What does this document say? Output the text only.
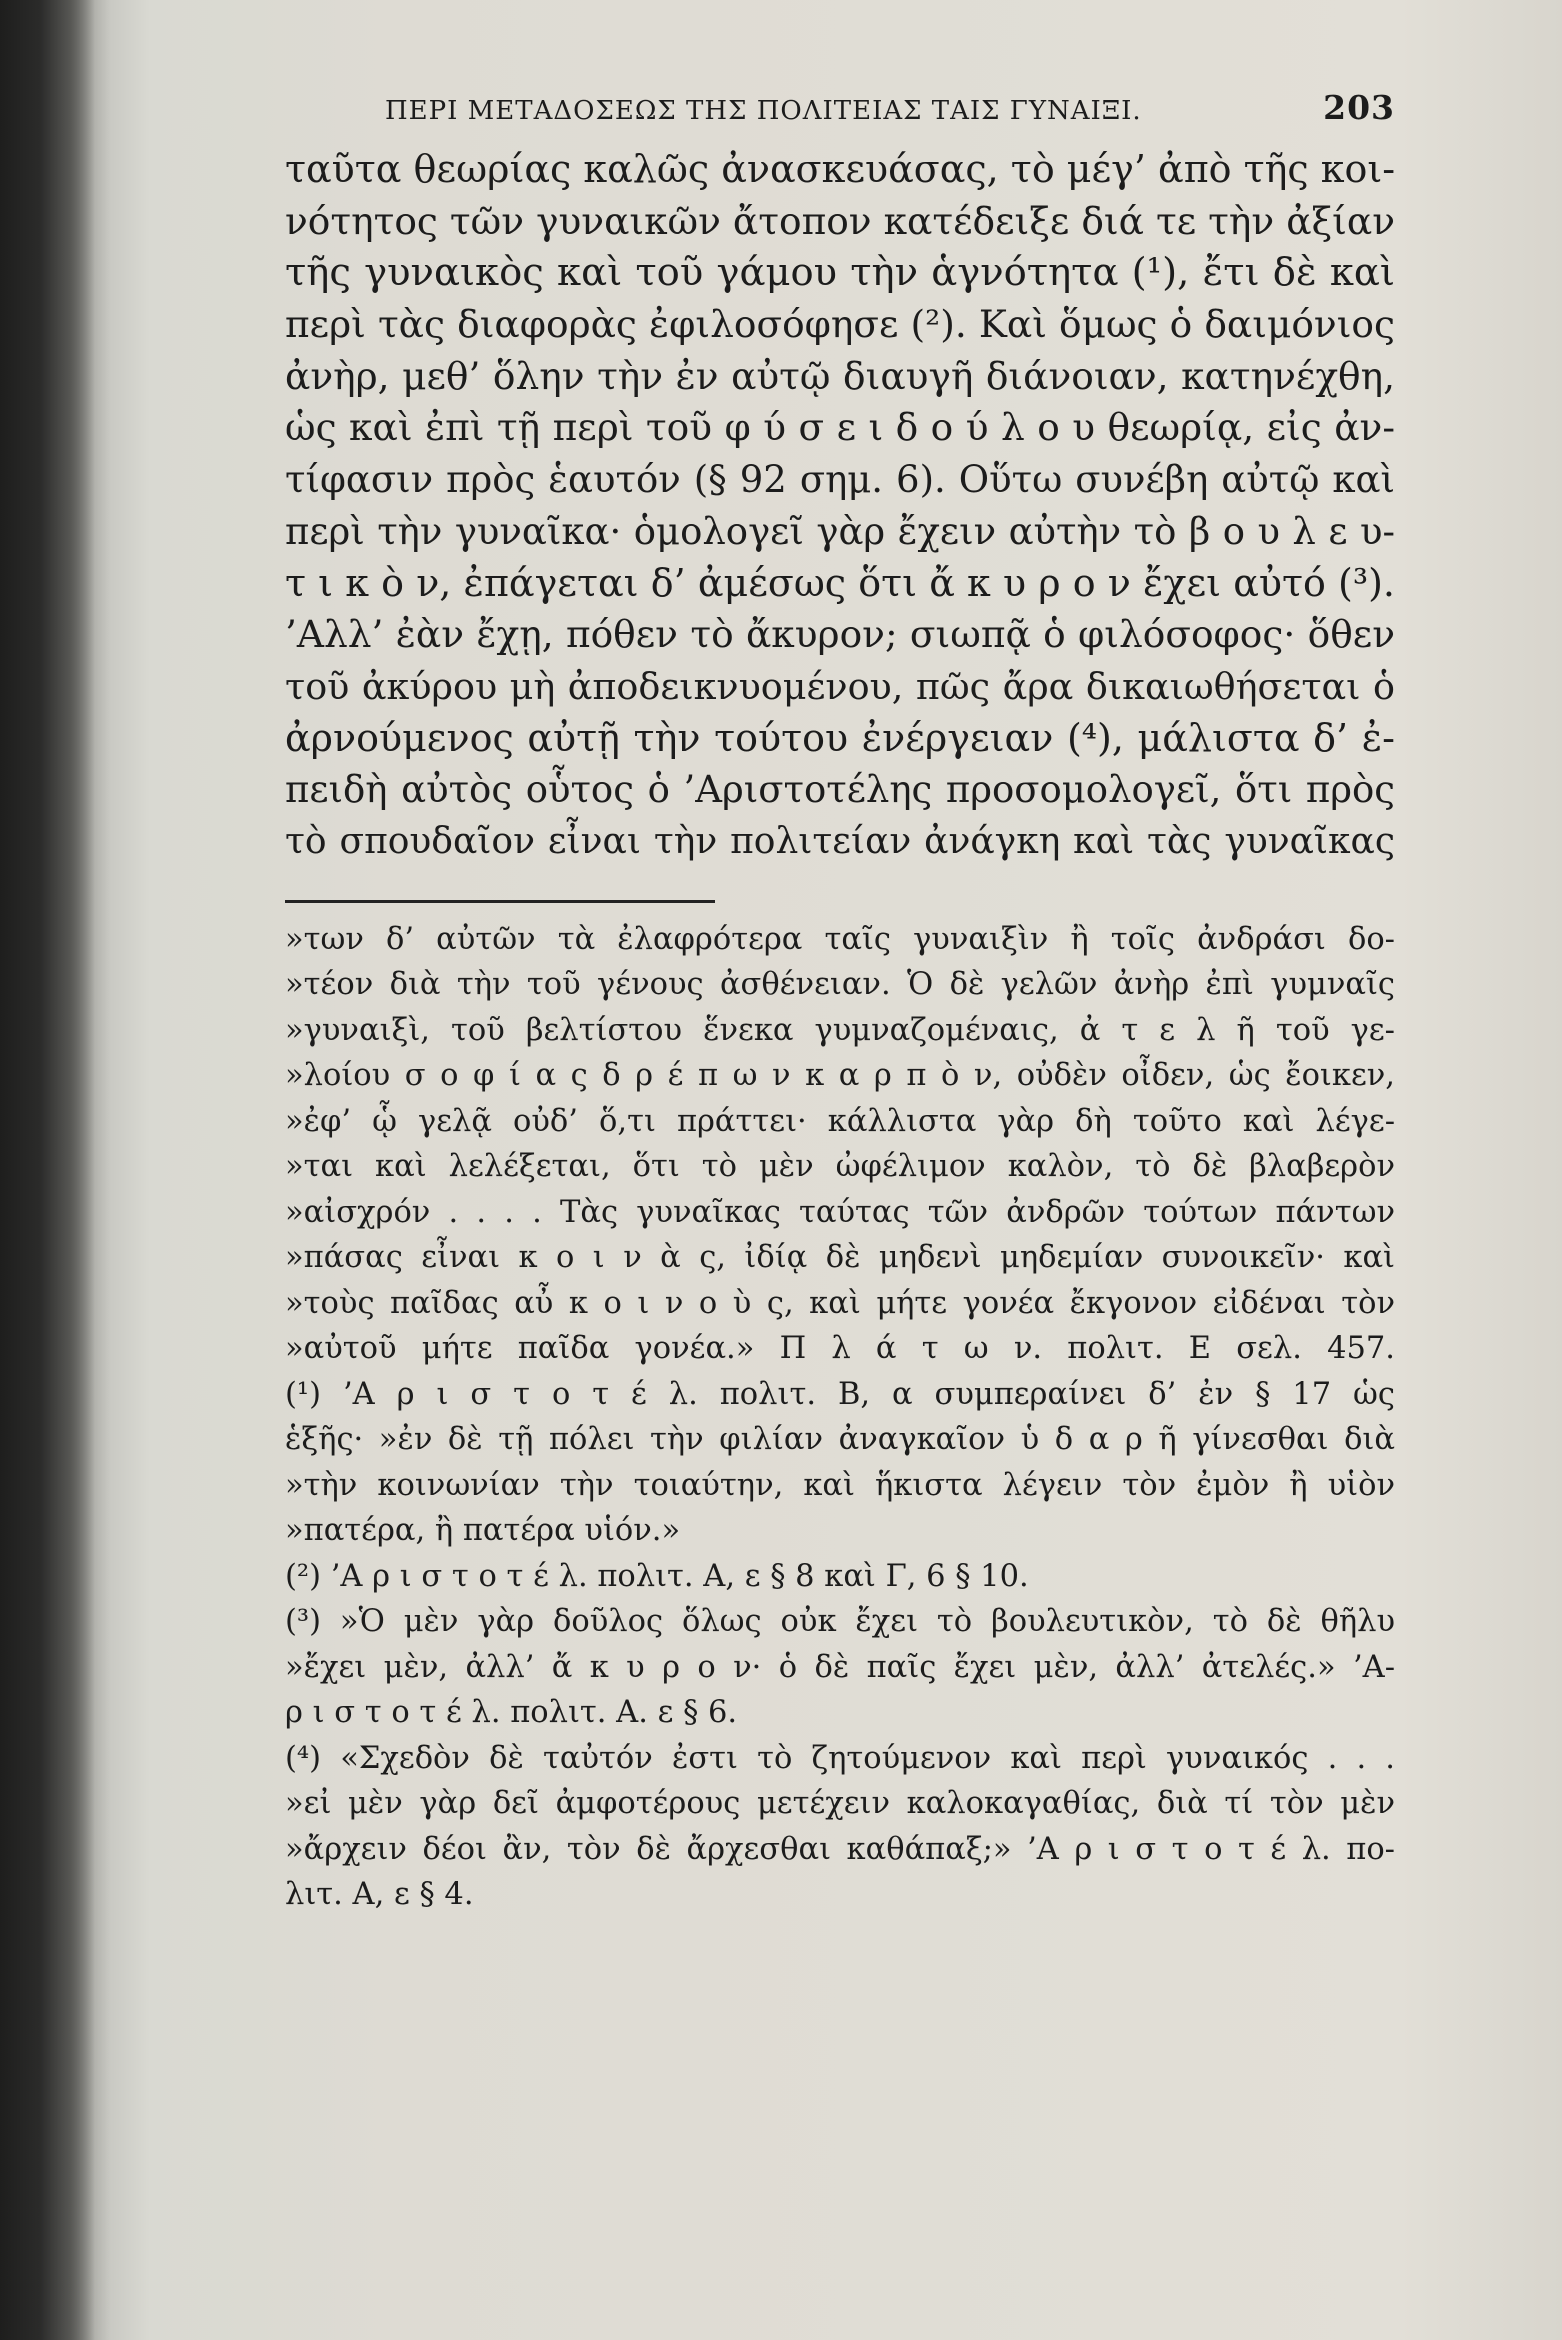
ΠΕΡΙ ΜΕΤΑΔΟΣΕΩΣ ΤΗΣ ΠΟΛΙΤΕΙΑΣ ΤΑΙΣ ΓΥΝΑΙΞΙ.	203
ταῦτα θεωρίας καλῶς ἀνασκευάσας, τὸ μέγ’ ἀπὸ τῆς κοι-
νότητος τῶν γυναικῶν ἄτοπον κατέδειξε διά τε τὴν ἀξίαν
τῆς γυναικὸς καὶ τοῦ γάμου τὴν ἁγνότητα (¹), ἔτι δὲ καὶ
περὶ τὰς διαφορὰς ἐφιλοσόφησε (²). Καὶ ὅμως ὁ δαιμόνιος
ἀνὴρ, μεθ’ ὅλην τὴν ἐν αὐτῷ διαυγῆ διάνοιαν, κατηνέχθη,
ὡς καὶ ἐπὶ τῇ περὶ τοῦ φ ύ σ ε ι δ ο ύ λ ο υ θεωρίᾳ, εἰς ἀν-
τίφασιν πρὸς ἑαυτόν (§ 92 σημ. 6). Οὕτω συνέβη αὐτῷ καὶ
περὶ τὴν γυναῖκα· ὁμολογεῖ γὰρ ἔχειν αὐτὴν τὸ β ο υ λ ε υ-
τ ι κ ὸ ν, ἐπάγεται δ’ ἀμέσως ὅτι ἄ κ υ ρ ο ν ἔχει αὐτό (³).
’Αλλ’ ἐὰν ἔχῃ, πόθεν τὸ ἄκυρον; σιωπᾷ ὁ φιλόσοφος· ὅθεν
τοῦ ἀκύρου μὴ ἀποδεικνυομένου, πῶς ἄρα δικαιωθήσεται ὁ
ἀρνούμενος αὐτῇ τὴν τούτου ἐνέργειαν (⁴), μάλιστα δ’ ἐ-
πειδὴ αὐτὸς οὗτος ὁ ’Αριστοτέλης προσομολογεῖ, ὅτι πρὸς
τὸ σπουδαῖον εἶναι τὴν πολιτείαν ἀνάγκη καὶ τὰς γυναῖκας
»των δ’ αὐτῶν τὰ ἐλαφρότερα ταῖς γυναιξὶν ἢ τοῖς ἀνδράσι δο-
»τέον διὰ τὴν τοῦ γένους ἀσθένειαν. Ὁ δὲ γελῶν ἀνὴρ ἐπὶ γυμναῖς
»γυναιξὶ, τοῦ βελτίστου ἕνεκα γυμναζομέναις, ἀ τ ε λ ῆ τοῦ γε-
»λοίου σ ο φ ί α ς δ ρ έ π ω ν κ α ρ π ὸ ν, οὐδὲν οἶδεν, ὡς ἔοικεν,
»ἐφ’ ᾧ γελᾷ οὐδ’ ὅ,τι πράττει· κάλλιστα γὰρ δὴ τοῦτο καὶ λέγε-
»ται καὶ λελέξεται, ὅτι τὸ μὲν ὠφέλιμον καλὸν, τὸ δὲ βλαβερὸν
»αἰσχρόν . . . . Τὰς γυναῖκας ταύτας τῶν ἀνδρῶν τούτων πάντων
»πάσας εἶναι κ ο ι ν ὰ ς, ἰδίᾳ δὲ μηδενὶ μηδεμίαν συνοικεῖν· καὶ
»τοὺς παῖδας αὖ κ ο ι ν ο ὺ ς, καὶ μήτε γονέα ἔκγονον εἰδέναι τὸν
»αὐτοῦ μήτε παῖδα γονέα.» Π λ ά τ ω ν. πολιτ. Ε σελ. 457.
(¹) ’Α ρ ι σ τ ο τ έ λ. πολιτ. Β, α συμπεραίνει δ’ ἐν § 17 ὡς
ἑξῆς· »ἐν δὲ τῇ πόλει τὴν φιλίαν ἀναγκαῖον ὑ δ α ρ ῆ γίνεσθαι διὰ
»τὴν κοινωνίαν τὴν τοιαύτην, καὶ ἥκιστα λέγειν τὸν ἐμὸν ἢ υἱὸν
»πατέρα, ἢ πατέρα υἱόν.»
(²) ’Α ρ ι σ τ ο τ έ λ. πολιτ. Α, ε § 8 καὶ Γ, 6 § 10.
(³) »Ὁ μὲν γὰρ δοῦλος ὅλως οὐκ ἔχει τὸ βουλευτικὸν, τὸ δὲ θῆλυ
»ἔχει μὲν, ἀλλ’ ἄ κ υ ρ ο ν· ὁ δὲ παῖς ἔχει μὲν, ἀλλ’ ἀτελές.» ’Α-
ρ ι σ τ ο τ έ λ. πολιτ. Α. ε § 6.
(⁴) «Σχεδὸν δὲ ταὐτόν ἐστι τὸ ζητούμενον καὶ περὶ γυναικός . . .
»εἰ μὲν γὰρ δεῖ ἀμφοτέρους μετέχειν καλοκαγαθίας, διὰ τί τὸν μὲν
»ἄρχειν δέοι ἂν, τὸν δὲ ἄρχεσθαι καθάπαξ;» ’Α ρ ι σ τ ο τ έ λ. πο-
λιτ. Α, ε § 4.
